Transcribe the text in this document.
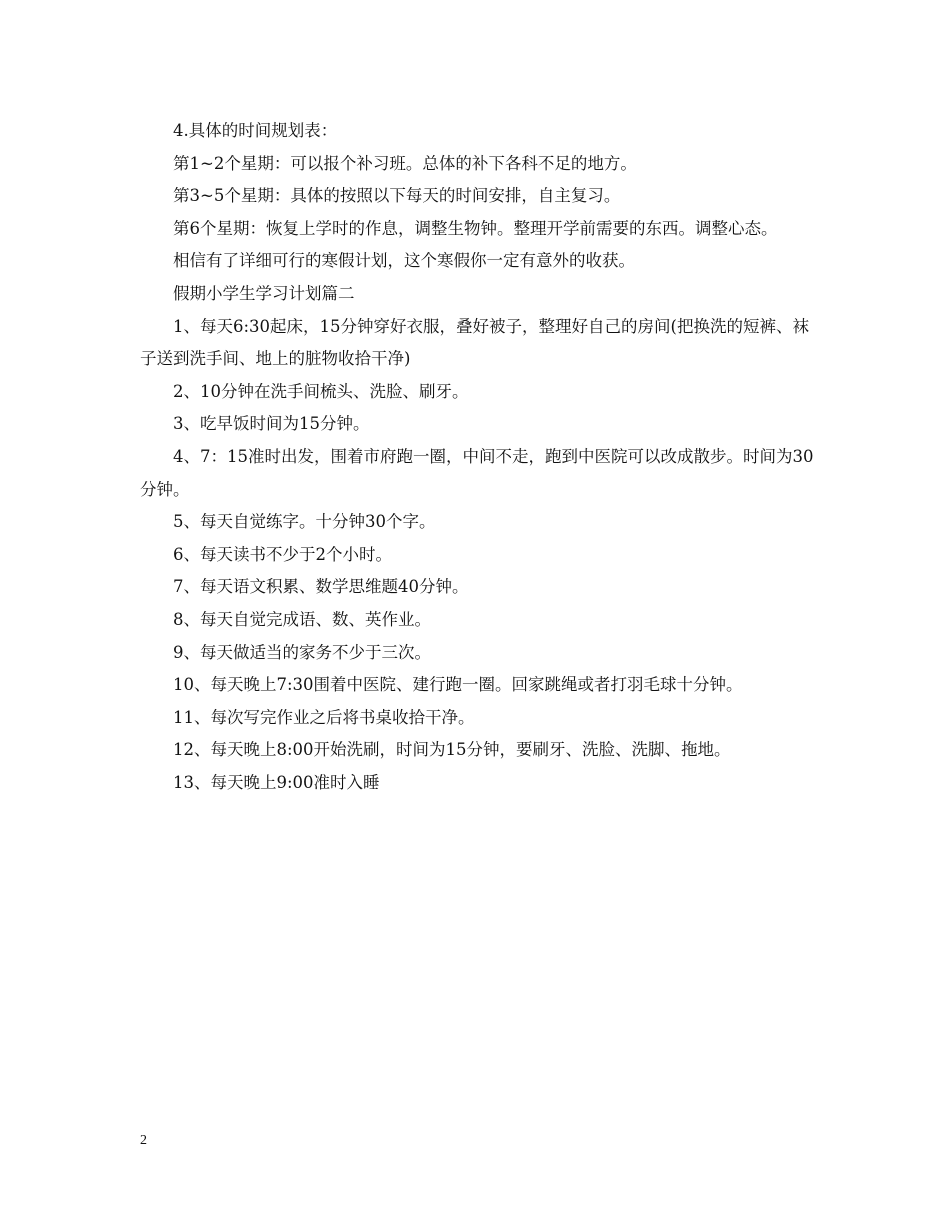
4.具体的时间规划表：

第1~2个星期：可以报个补习班。总体的补下各科不足的地方。

第3~5个星期：具体的按照以下每天的时间安排，自主复习。

第6个星期：恢复上学时的作息，调整生物钟。整理开学前需要的东西。调整心态。

相信有了详细可行的寒假计划，这个寒假你一定有意外的收获。

假期小学生学习计划篇二

1、每天6:30起床，15分钟穿好衣服，叠好被子，整理好自己的房间(把换洗的短裤、袜子送到洗手间、地上的脏物收拾干净)

2、10分钟在洗手间梳头、洗脸、刷牙。

3、吃早饭时间为15分钟。

4、7：15准时出发，围着市府跑一圈，中间不走，跑到中医院可以改成散步。时间为30分钟。

5、每天自觉练字。十分钟30个字。

6、每天读书不少于2个小时。

7、每天语文积累、数学思维题40分钟。

8、每天自觉完成语、数、英作业。

9、每天做适当的家务不少于三次。

10、每天晚上7:30围着中医院、建行跑一圈。回家跳绳或者打羽毛球十分钟。

11、每次写完作业之后将书桌收拾干净。

12、每天晚上8:00开始洗刷，时间为15分钟，要刷牙、洗脸、洗脚、拖地。

13、每天晚上9:00准时入睡

2
